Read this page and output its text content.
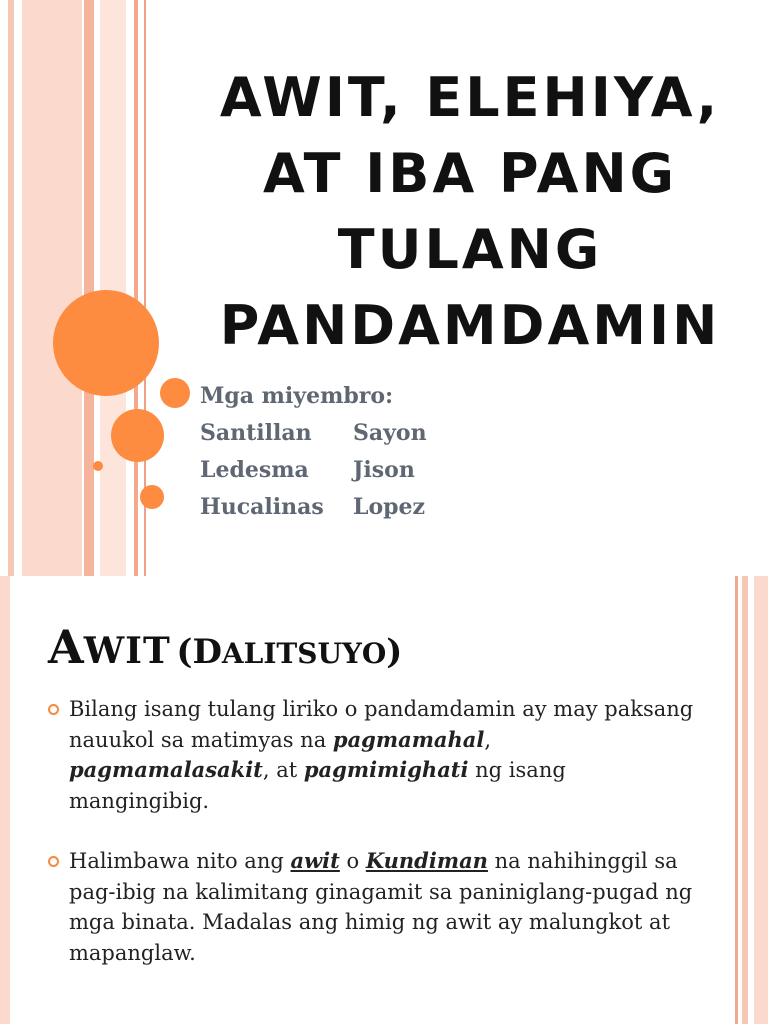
AWIT, ELEHIYA,
AT IBA PANG
TULANG
PANDAMDAMIN
Mga miyembro:
Santillan	Sayon
Ledesma	Jison
Hucalinas	Lopez
AWIT (DALITSUYO)
Bilang isang tulang liriko o pandamdamin ay may paksang nauukol sa matimyas na pagmamahal, pagmamalasakit, at pagmimighati ng isang mangingibig.
Halimbawa nito ang awit o Kundiman na nahihinggil sa pag-ibig na kalimitang ginagamit sa paniniglang-pugad ng mga binata. Madalas ang himig ng awit ay malungkot at mapanglaw.
